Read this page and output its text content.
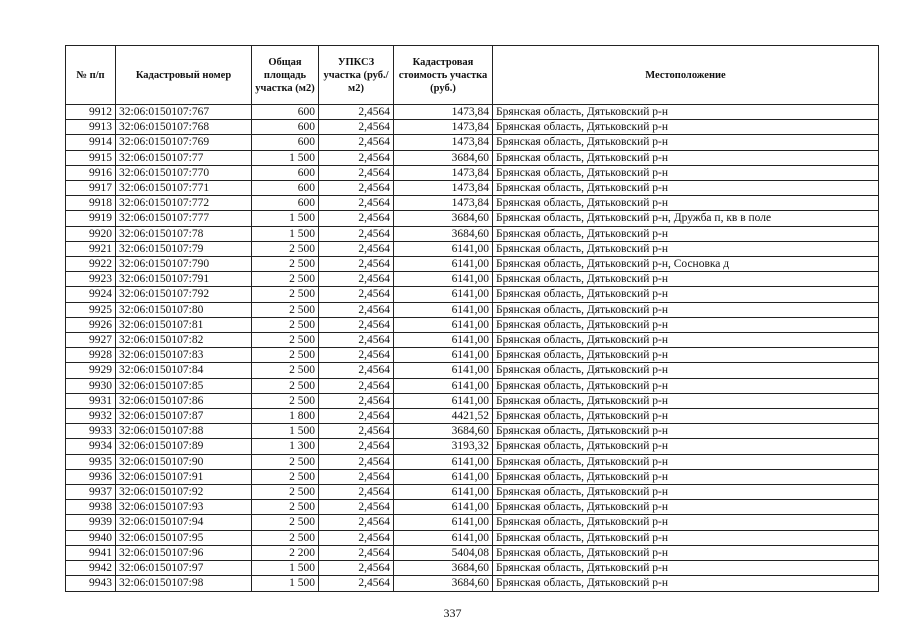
№ п/п	Кадастровый номер	Общая площадь участка (м2)	УПКСЗ участка (руб./м2)	Кадастровая стоимость участка (руб.)	Местоположение
9912	32:06:0150107:767	600	2,4564	1473,84	Брянская область, Дятьковский р-н
9913	32:06:0150107:768	600	2,4564	1473,84	Брянская область, Дятьковский р-н
9914	32:06:0150107:769	600	2,4564	1473,84	Брянская область, Дятьковский р-н
9915	32:06:0150107:77	1 500	2,4564	3684,60	Брянская область, Дятьковский р-н
9916	32:06:0150107:770	600	2,4564	1473,84	Брянская область, Дятьковский р-н
9917	32:06:0150107:771	600	2,4564	1473,84	Брянская область, Дятьковский р-н
9918	32:06:0150107:772	600	2,4564	1473,84	Брянская область, Дятьковский р-н
9919	32:06:0150107:777	1 500	2,4564	3684,60	Брянская область, Дятьковский р-н, Дружба п, кв в поле
9920	32:06:0150107:78	1 500	2,4564	3684,60	Брянская область, Дятьковский р-н
9921	32:06:0150107:79	2 500	2,4564	6141,00	Брянская область, Дятьковский р-н
9922	32:06:0150107:790	2 500	2,4564	6141,00	Брянская область, Дятьковский р-н, Сосновка д
9923	32:06:0150107:791	2 500	2,4564	6141,00	Брянская область, Дятьковский р-н
9924	32:06:0150107:792	2 500	2,4564	6141,00	Брянская область, Дятьковский р-н
9925	32:06:0150107:80	2 500	2,4564	6141,00	Брянская область, Дятьковский р-н
9926	32:06:0150107:81	2 500	2,4564	6141,00	Брянская область, Дятьковский р-н
9927	32:06:0150107:82	2 500	2,4564	6141,00	Брянская область, Дятьковский р-н
9928	32:06:0150107:83	2 500	2,4564	6141,00	Брянская область, Дятьковский р-н
9929	32:06:0150107:84	2 500	2,4564	6141,00	Брянская область, Дятьковский р-н
9930	32:06:0150107:85	2 500	2,4564	6141,00	Брянская область, Дятьковский р-н
9931	32:06:0150107:86	2 500	2,4564	6141,00	Брянская область, Дятьковский р-н
9932	32:06:0150107:87	1 800	2,4564	4421,52	Брянская область, Дятьковский р-н
9933	32:06:0150107:88	1 500	2,4564	3684,60	Брянская область, Дятьковский р-н
9934	32:06:0150107:89	1 300	2,4564	3193,32	Брянская область, Дятьковский р-н
9935	32:06:0150107:90	2 500	2,4564	6141,00	Брянская область, Дятьковский р-н
9936	32:06:0150107:91	2 500	2,4564	6141,00	Брянская область, Дятьковский р-н
9937	32:06:0150107:92	2 500	2,4564	6141,00	Брянская область, Дятьковский р-н
9938	32:06:0150107:93	2 500	2,4564	6141,00	Брянская область, Дятьковский р-н
9939	32:06:0150107:94	2 500	2,4564	6141,00	Брянская область, Дятьковский р-н
9940	32:06:0150107:95	2 500	2,4564	6141,00	Брянская область, Дятьковский р-н
9941	32:06:0150107:96	2 200	2,4564	5404,08	Брянская область, Дятьковский р-н
9942	32:06:0150107:97	1 500	2,4564	3684,60	Брянская область, Дятьковский р-н
9943	32:06:0150107:98	1 500	2,4564	3684,60	Брянская область, Дятьковский р-н
337
